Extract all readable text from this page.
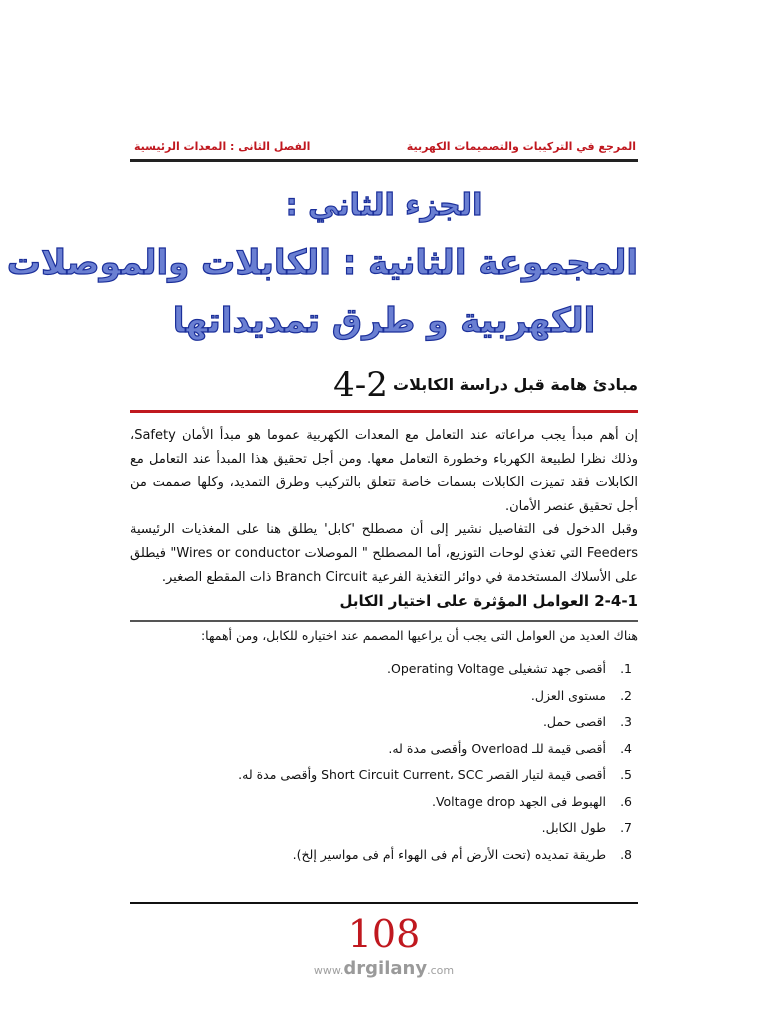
المرجع في التركيبات والتصميمات الكهربية
الفصل الثانى : المعدات الرئيسية
الجزء الثاني :
المجموعة الثانية : الكابلات والموصلات
الكهربية و طرق تمديداتها
مبادئ هامة قبل دراسة الكابلات 4-2
إن أهم مبدأ يجب مراعاته عند التعامل مع المعدات الكهربية عموما هو مبدأ الأمان Safety، وذلك نظرا لطبيعة الكهرباء وخطورة التعامل معها. ومن أجل تحقيق هذا المبدأ عند التعامل مع الكابلات فقد تميزت الكابلات بسمات خاصة تتعلق بالتركيب وطرق التمديد، وكلها صممت من أجل تحقيق عنصر الأمان.
وقبل الدخول فى التفاصيل نشير إلى أن مصطلح 'كابل' يطلق هنا على المغذيات الرئيسية Feeders التي تغذي لوحات التوزيع، أما المصطلح " الموصلات Wires or conductor" فيطلق على الأسلاك المستخدمة في دوائر التغذية الفرعية Branch Circuit ذات المقطع الصغير.
2-4-1 العوامل المؤثرة على اختيار الكابل
هناك العديد من العوامل التى يجب أن يراعيها المصمم عند اختياره للكابل، ومن أهمها:
1. أقصى جهد تشغيلى Operating Voltage.
2. مستوى العزل.
3. اقصى حمل.
4. أقصى قيمة للـ Overload وأقصى مدة له.
5. أقصى قيمة لتيار القصر Short Circuit Current، SCC وأقصى مدة له.
6. الهبوط فى الجهد Voltage drop.
7. طول الكابل.
8. طريقة تمديده (تحت الأرض أم فى الهواء أم فى مواسير إلخ).
108
www.drgilany.com
